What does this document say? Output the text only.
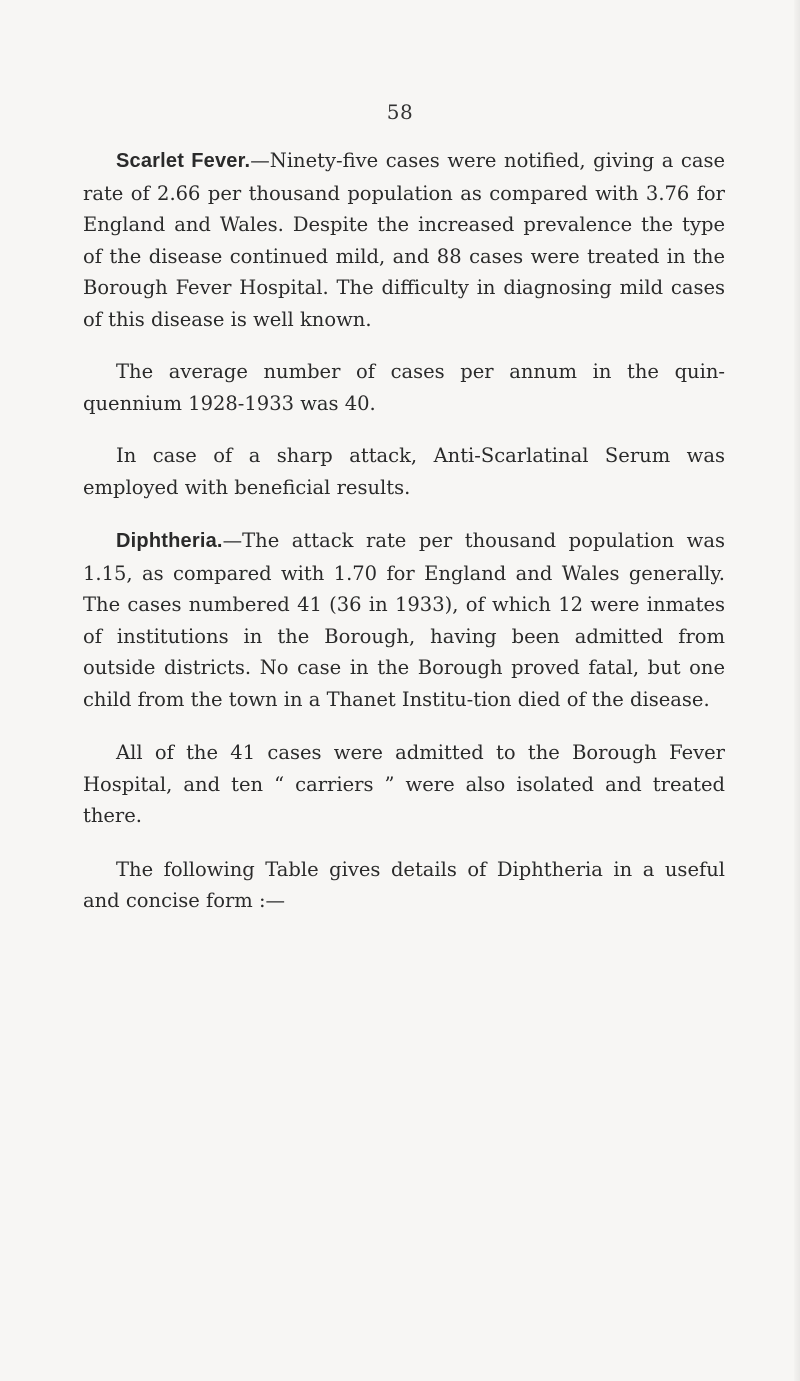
58

Scarlet Fever.—Ninety-five cases were notified, giving a case rate of 2.66 per thousand population as compared with 3.76 for England and Wales. Despite the increased prevalence the type of the disease continued mild, and 88 cases were treated in the Borough Fever Hospital. The difficulty in diagnosing mild cases of this disease is well known.

The average number of cases per annum in the quin-quennium 1928-1933 was 40.

In case of a sharp attack, Anti-Scarlatinal Serum was employed with beneficial results.

Diphtheria.—The attack rate per thousand population was 1.15, as compared with 1.70 for England and Wales generally. The cases numbered 41 (36 in 1933), of which 12 were inmates of institutions in the Borough, having been admitted from outside districts. No case in the Borough proved fatal, but one child from the town in a Thanet Institu-tion died of the disease.

All of the 41 cases were admitted to the Borough Fever Hospital, and ten “ carriers ” were also isolated and treated there.

The following Table gives details of Diphtheria in a useful and concise form :—
